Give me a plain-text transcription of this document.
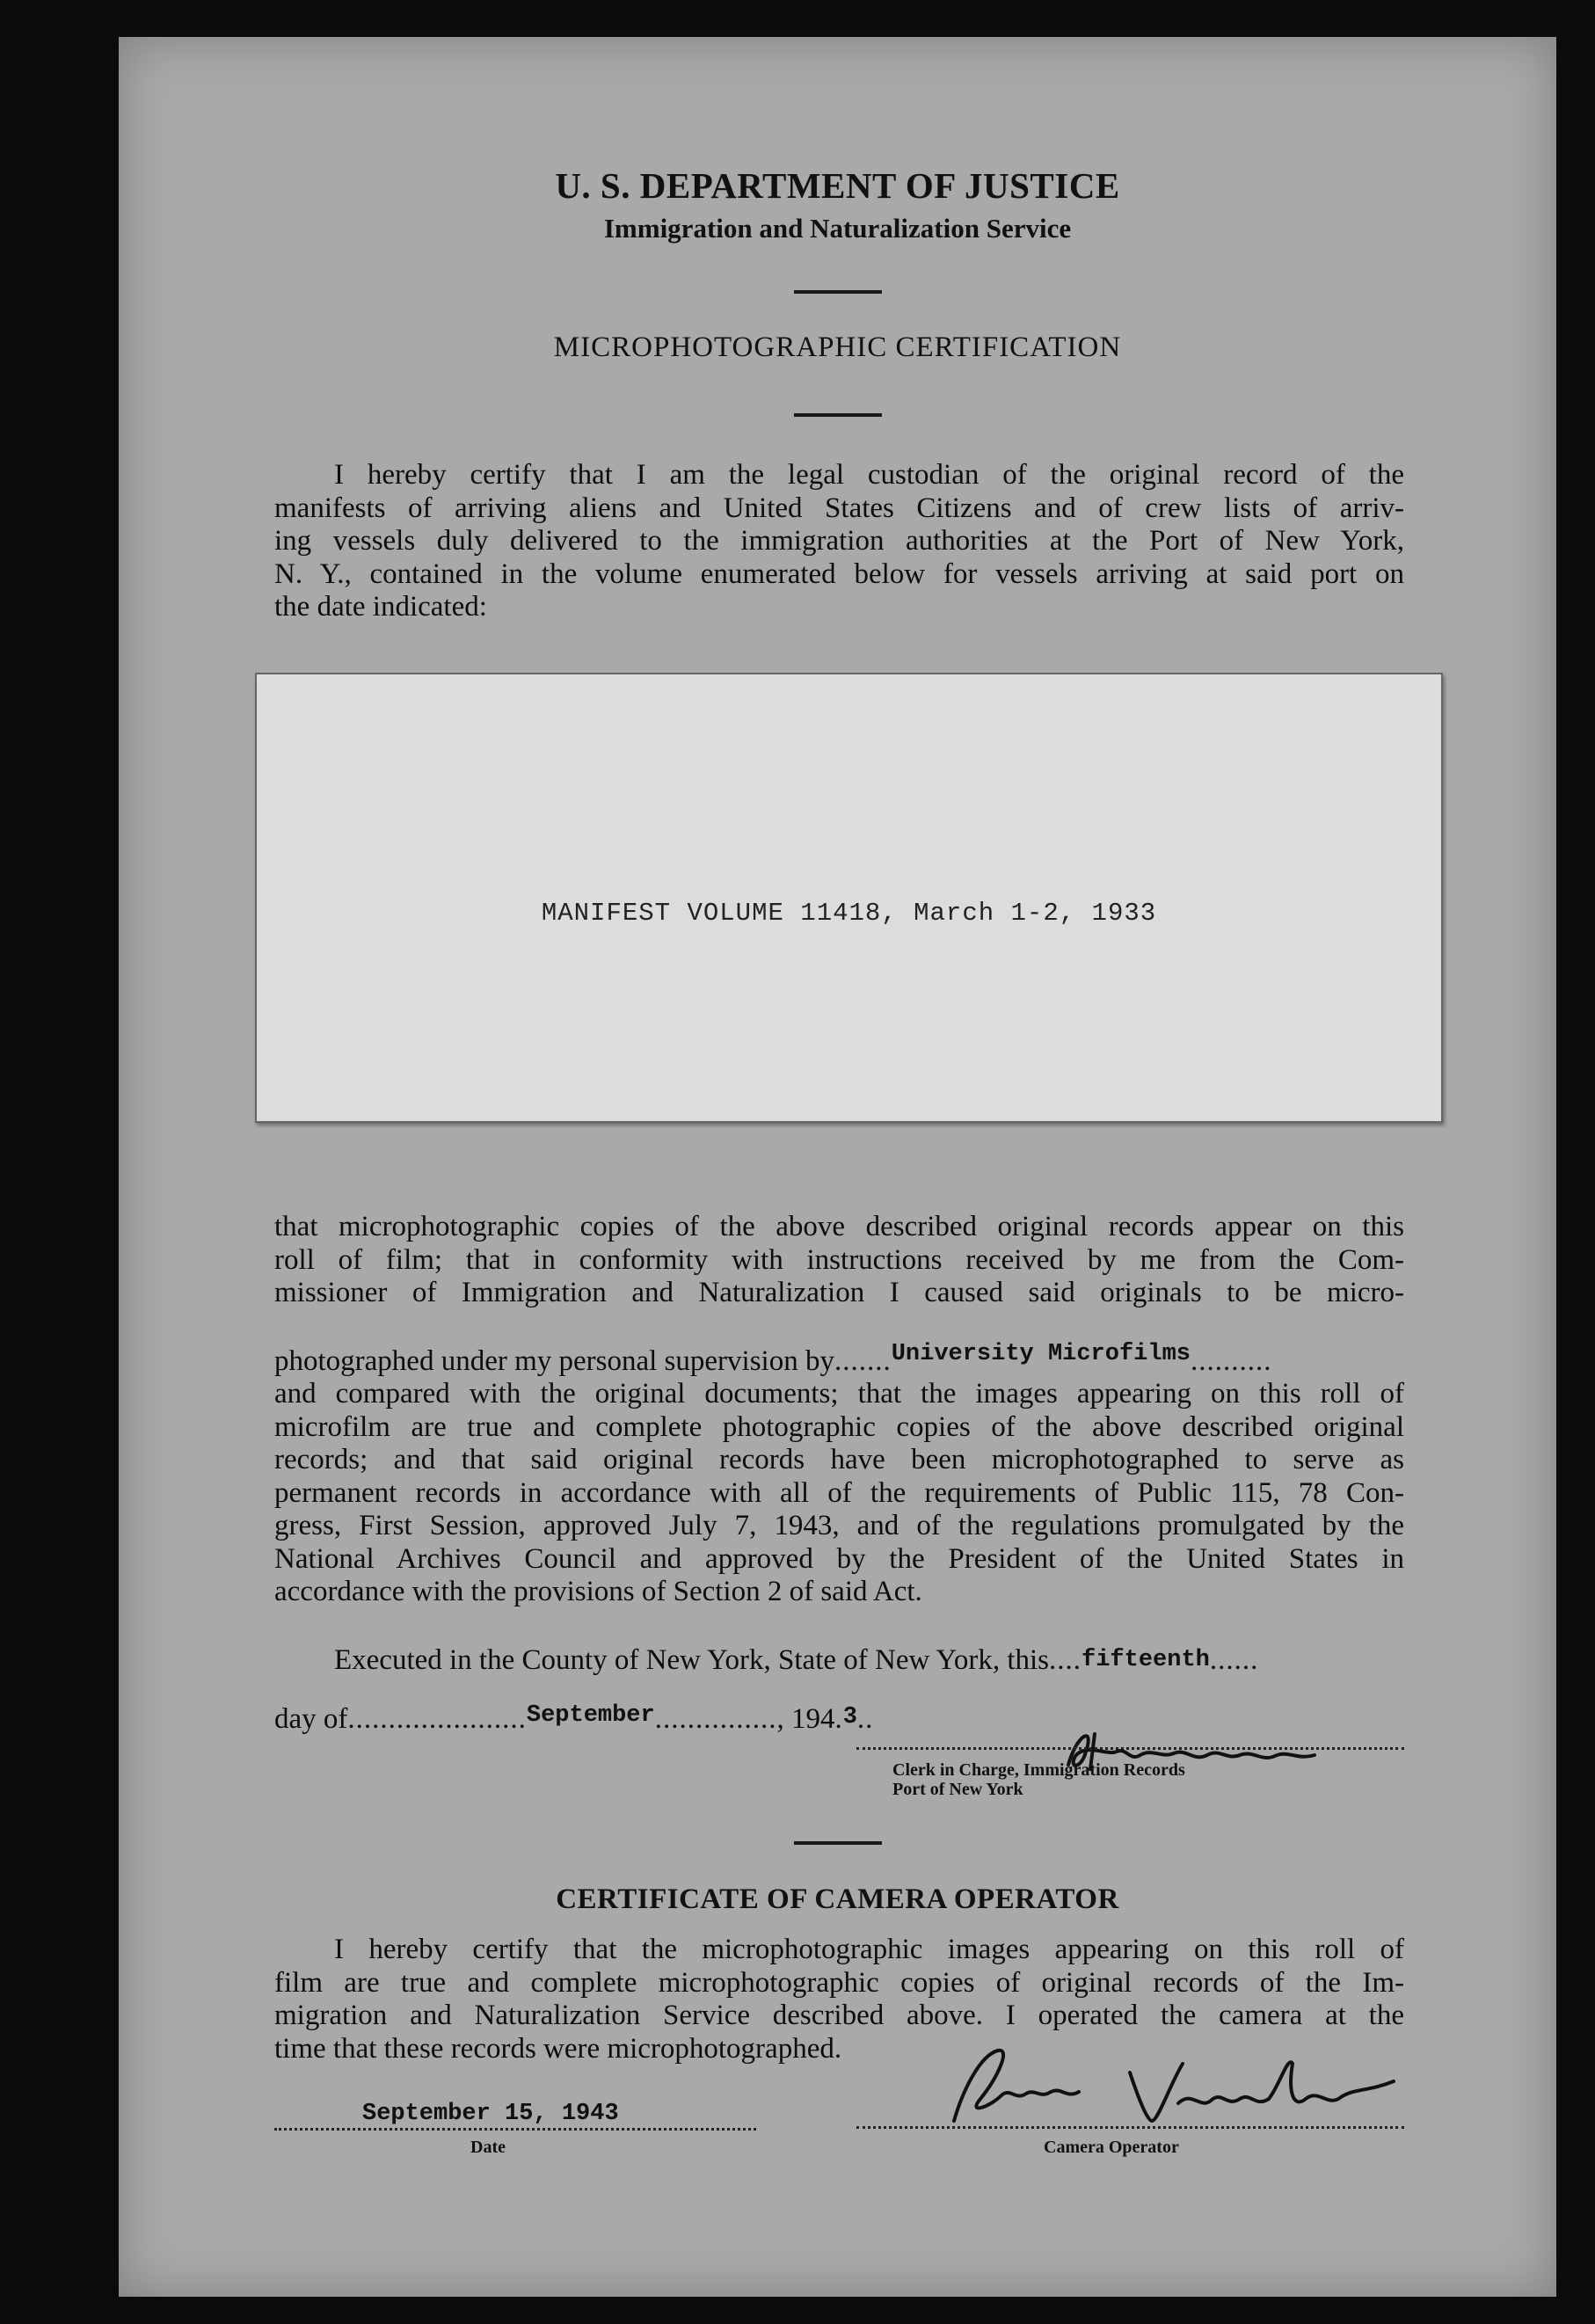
U. S. DEPARTMENT OF JUSTICE
Immigration and Naturalization Service
MICROPHOTOGRAPHIC CERTIFICATION
I hereby certify that I am the legal custodian of the original record of the
manifests of arriving aliens and United States Citizens and of crew lists of arriv-
ing vessels duly delivered to the immigration authorities at the Port of New York,
N. Y., contained in the volume enumerated below for vessels arriving at said port on
the date indicated:
MANIFEST VOLUME 11418, March 1-2, 1933
that microphotographic copies of the above described original records appear on this
roll of film; that in conformity with instructions received by me from the Com-
missioner of Immigration and Naturalization I caused said originals to be micro-
photographed under my personal supervision by.......$^{University Microfilms}$..........
and compared with the original documents; that the images appearing on this roll of
microfilm are true and complete photographic copies of the above described original
records; and that said original records have been microphotographed to serve as
permanent records in accordance with all of the requirements of Public 115, 78 Con-
gress, First Session, approved July 7, 1943, and of the regulations promulgated by the
National Archives Council and approved by the President of the United States in
accordance with the provisions of Section 2 of said Act.
Executed in the County of New York, State of New York, this....fifteenth......
day of......................$^{September}$..............., 194.3..
Clerk in Charge, Immigration Records
Port of New York
CERTIFICATE OF CAMERA OPERATOR
I hereby certify that the microphotographic images appearing on this roll of
film are true and complete microphotographic copies of original records of the Im-
migration and Naturalization Service described above. I operated the camera at the
time that these records were microphotographed.
September 15, 1943
Date	Camera Operator
